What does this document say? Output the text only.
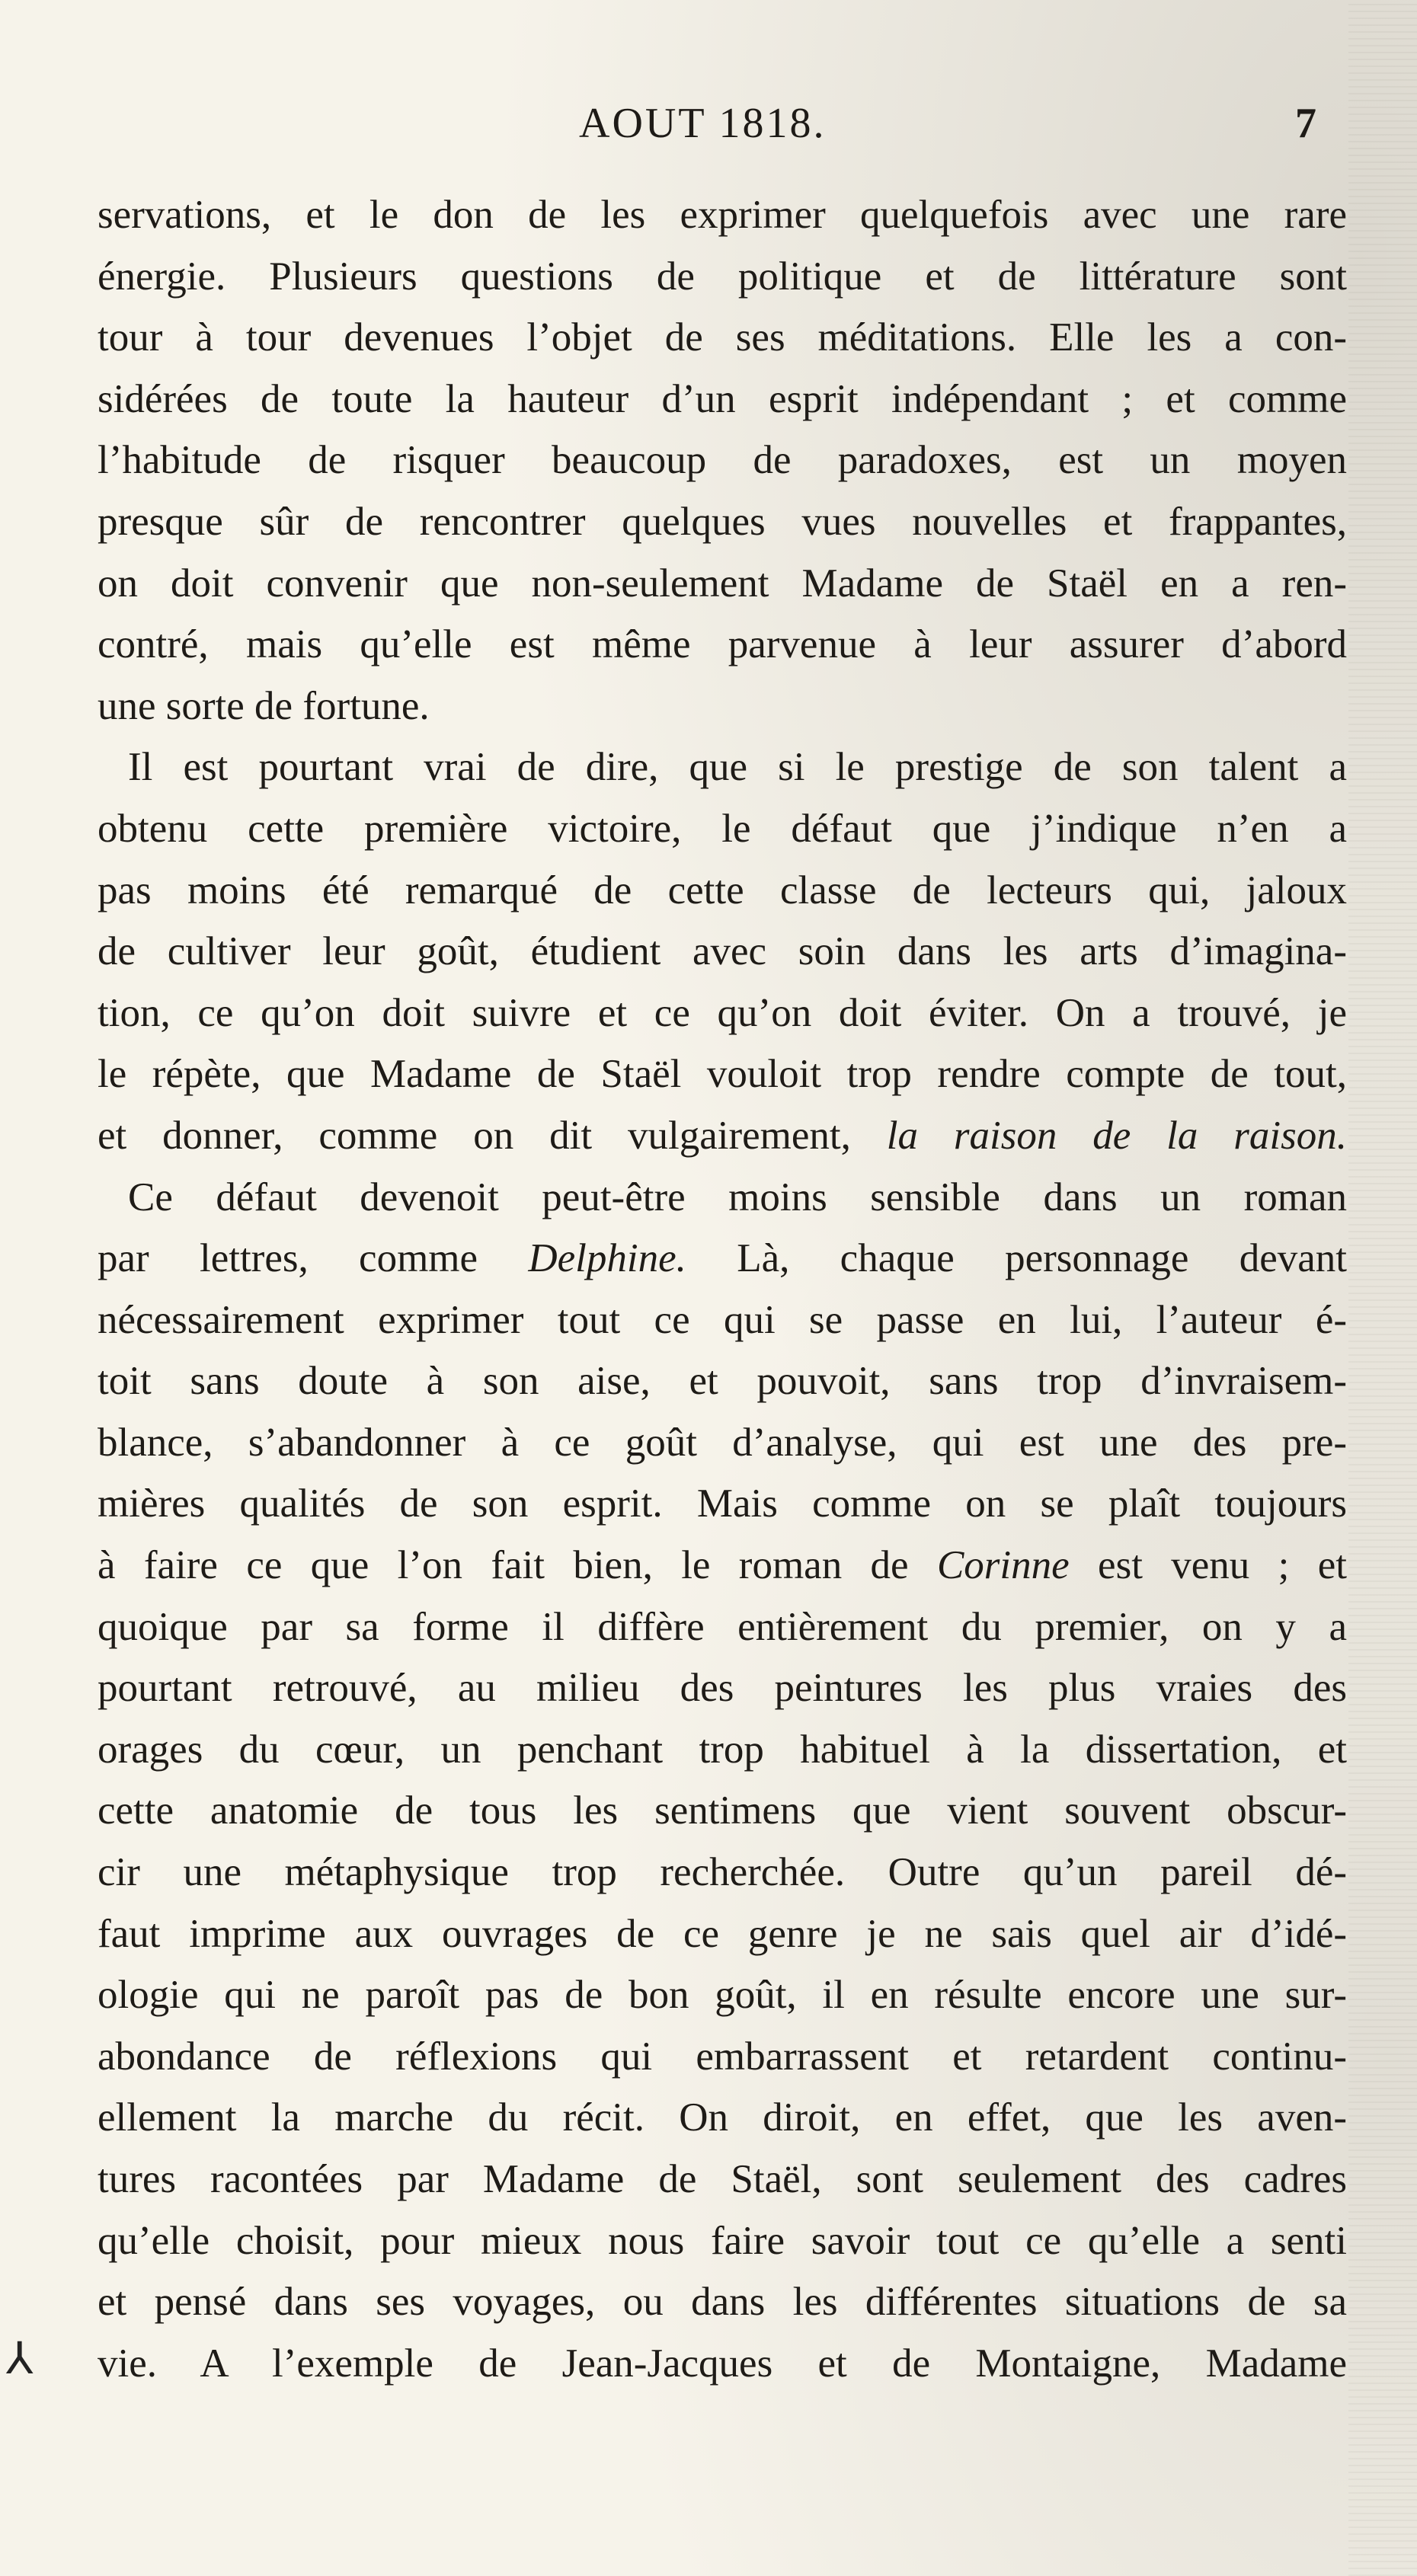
AOUT 1818.	7
servations, et le don de les exprimer quelquefois avec une rare
énergie. Plusieurs questions de politique et de littérature sont
tour à tour devenues l’objet de ses méditations. Elle les a con-
sidérées de toute la hauteur d’un esprit indépendant ; et comme
l’habitude de risquer beaucoup de paradoxes, est un moyen
presque sûr de rencontrer quelques vues nouvelles et frappantes,
on doit convenir que non-seulement Madame de Staël en a ren-
contré, mais qu’elle est même parvenue à leur assurer d’abord
une sorte de fortune.
Il est pourtant vrai de dire, que si le prestige de son talent a
obtenu cette première victoire, le défaut que j’indique n’en a
pas moins été remarqué de cette classe de lecteurs qui, jaloux
de cultiver leur goût, étudient avec soin dans les arts d’imagina-
tion, ce qu’on doit suivre et ce qu’on doit éviter. On a trouvé, je
le répète, que Madame de Staël vouloit trop rendre compte de tout,
et donner, comme on dit vulgairement, la raison de la raison.
Ce défaut devenoit peut-être moins sensible dans un roman
par lettres, comme Delphine. Là, chaque personnage devant
nécessairement exprimer tout ce qui se passe en lui, l’auteur é-
toit sans doute à son aise, et pouvoit, sans trop d’invraisem-
blance, s’abandonner à ce goût d’analyse, qui est une des pre-
mières qualités de son esprit. Mais comme on se plaît toujours
à faire ce que l’on fait bien, le roman de Corinne est venu ; et
quoique par sa forme il diffère entièrement du premier, on y a
pourtant retrouvé, au milieu des peintures les plus vraies des
orages du cœur, un penchant trop habituel à la dissertation, et
cette anatomie de tous les sentimens que vient souvent obscur-
cir une métaphysique trop recherchée. Outre qu’un pareil dé-
faut imprime aux ouvrages de ce genre je ne sais quel air d’idé-
ologie qui ne paroît pas de bon goût, il en résulte encore une sur-
abondance de réflexions qui embarrassent et retardent continu-
ellement la marche du récit. On diroit, en effet, que les aven-
tures racontées par Madame de Staël, sont seulement des cadres
qu’elle choisit, pour mieux nous faire savoir tout ce qu’elle a senti
et pensé dans ses voyages, ou dans les différentes situations de sa
vie. A l’exemple de Jean-Jacques et de Montaigne, Madame
⅄
